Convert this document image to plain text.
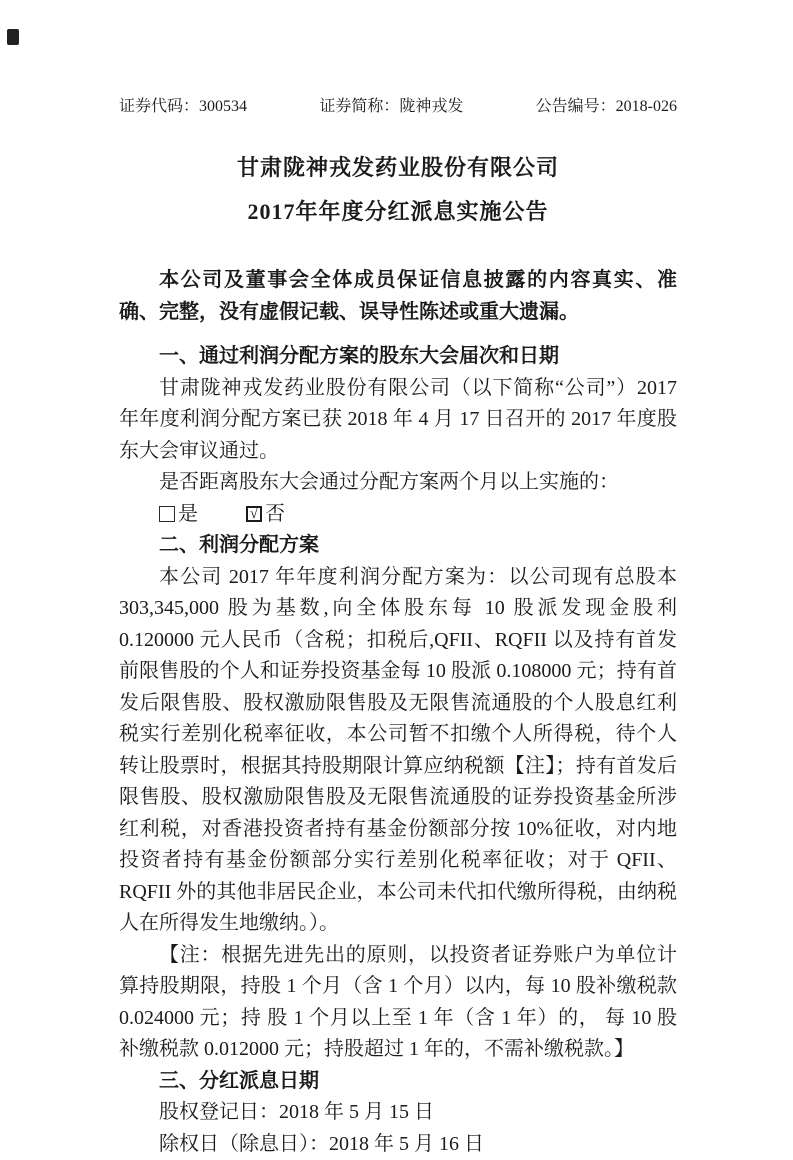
证券代码：300534	证券简称：陇神戎发	公告编号：2018-026
甘肃陇神戎发药业股份有限公司
2017年年度分红派息实施公告
本公司及董事会全体成员保证信息披露的内容真实、准确、完整，没有虚假记载、误导性陈述或重大遗漏。
一、通过利润分配方案的股东大会届次和日期
甘肃陇神戎发药业股份有限公司（以下简称“公司”）2017 年年度利润分配方案已获 2018 年 4 月 17 日召开的 2017 年度股东大会审议通过。
是否距离股东大会通过分配方案两个月以上实施的：
是	√ 否
二、利润分配方案
本公司 2017 年年度利润分配方案为：以公司现有总股本 303,345,000 股为基数,向全体股东每 10 股派发现金股利 0.120000 元人民币（含税；扣税后,QFII、RQFII 以及持有首发前限售股的个人和证券投资基金每 10 股派 0.108000 元；持有首发后限售股、股权激励限售股及无限售流通股的个人股息红利税实行差别化税率征收，本公司暂不扣缴个人所得税，待个人转让股票时，根据其持股期限计算应纳税额【注】；持有首发后限售股、股权激励限售股及无限售流通股的证券投资基金所涉红利税，对香港投资者持有基金份额部分按 10%征收，对内地投资者持有基金份额部分实行差别化税率征收；对于 QFII、RQFII 外的其他非居民企业，本公司未代扣代缴所得税，由纳税人在所得发生地缴纳。）。
【注：根据先进先出的原则，以投资者证券账户为单位计算持股期限，持股 1 个月（含 1 个月）以内，每 10 股补缴税款 0.024000 元；持 股 1 个月以上至 1 年（含 1 年）的， 每 10 股补缴税款 0.012000 元；持股超过 1 年的，不需补缴税款。】
三、分红派息日期
股权登记日：2018 年 5 月 15 日
除权日（除息日）：2018 年 5 月 16 日
